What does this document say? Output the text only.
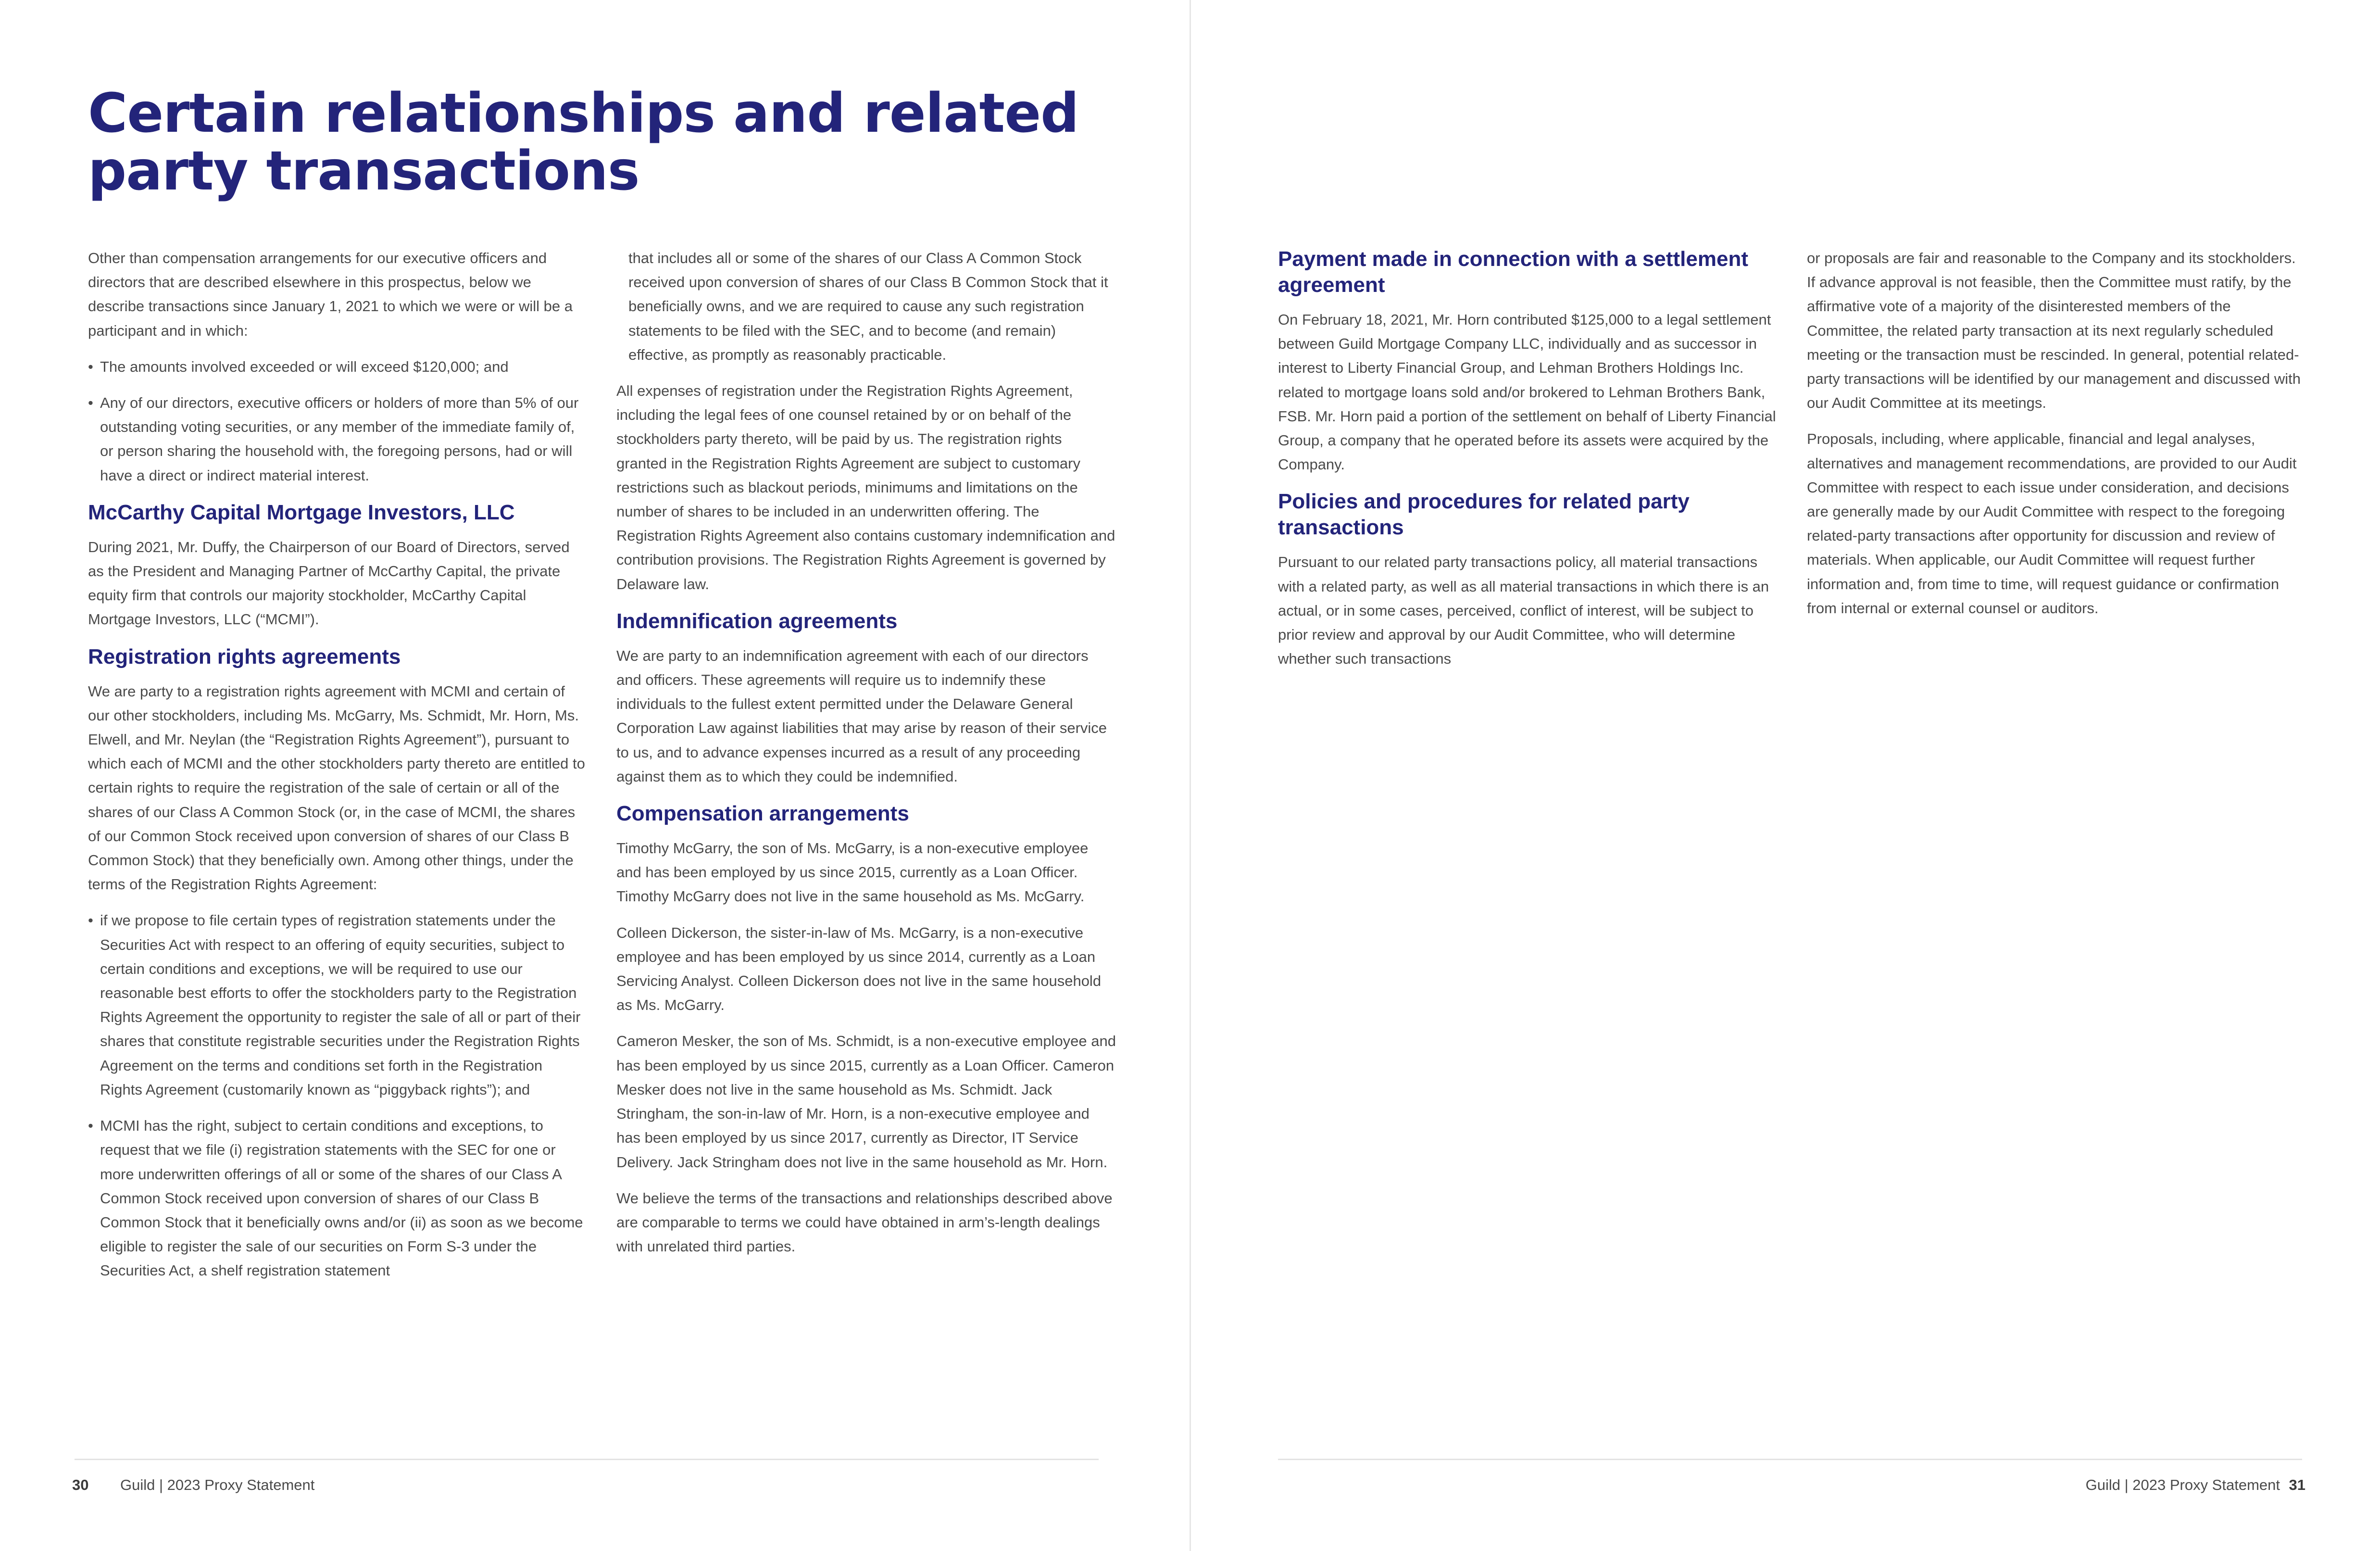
Certain relationships and related
party transactions

Other than compensation arrangements for our executive officers and directors that are described elsewhere in this prospectus, below we describe transactions since January 1, 2021 to which we were or will be a participant and in which:

• The amounts involved exceeded or will exceed $120,000; and
• Any of our directors, executive officers or holders of more than 5% of our outstanding voting securities, or any member of the immediate family of, or person sharing the household with, the foregoing persons, had or will have a direct or indirect material interest.
McCarthy Capital Mortgage Investors, LLC

During 2021, Mr. Duffy, the Chairperson of our Board of Directors, served as the President and Managing Partner of McCarthy Capital, the private equity firm that controls our majority stockholder, McCarthy Capital Mortgage Investors, LLC (“MCMI”).

Registration rights agreements

We are party to a registration rights agreement with MCMI and certain of our other stockholders, including Ms. McGarry, Ms. Schmidt, Mr. Horn, Ms. Elwell, and Mr. Neylan (the “Registration Rights Agreement”), pursuant to which each of MCMI and the other stockholders party thereto are entitled to certain rights to require the registration of the sale of certain or all of the shares of our Class A Common Stock (or, in the case of MCMI, the shares of our Common Stock received upon conversion of shares of our Class B Common Stock) that they beneficially own. Among other things, under the terms of the Registration Rights Agreement:

• if we propose to file certain types of registration statements under the Securities Act with respect to an offering of equity securities, subject to certain conditions and exceptions, we will be required to use our reasonable best efforts to offer the stockholders party to the Registration Rights Agreement the opportunity to register the sale of all or part of their shares that constitute registrable securities under the Registration Rights Agreement on the terms and conditions set forth in the Registration Rights Agreement (customarily known as “piggyback rights”); and
• MCMI has the right, subject to certain conditions and exceptions, to request that we file (i) registration statements with the SEC for one or more underwritten offerings of all or some of the shares of our Class A Common Stock received upon conversion of shares of our Class B Common Stock that it beneficially owns and/or (ii) as soon as we become eligible to register the sale of our securities on Form S-3 under the Securities Act, a shelf registration statement

that includes all or some of the shares of our Class A Common Stock received upon conversion of shares of our Class B Common Stock that it beneficially owns, and we are required to cause any such registration statements to be filed with the SEC, and to become (and remain) effective, as promptly as reasonably practicable.

All expenses of registration under the Registration Rights Agreement, including the legal fees of one counsel retained by or on behalf of the stockholders party thereto, will be paid by us. The registration rights granted in the Registration Rights Agreement are subject to customary restrictions such as blackout periods, minimums and limitations on the number of shares to be included in an underwritten offering. The Registration Rights Agreement also contains customary indemnification and contribution provisions. The Registration Rights Agreement is governed by Delaware law.

Indemnification agreements

We are party to an indemnification agreement with each of our directors and officers. These agreements will require us to indemnify these individuals to the fullest extent permitted under the Delaware General Corporation Law against liabilities that may arise by reason of their service to us, and to advance expenses incurred as a result of any proceeding against them as to which they could be indemnified.

Compensation arrangements

Timothy McGarry, the son of Ms. McGarry, is a non-executive employee and has been employed by us since 2015, currently as a Loan Officer. Timothy McGarry does not live in the same household as Ms. McGarry.

Colleen Dickerson, the sister-in-law of Ms. McGarry, is a non-executive employee and has been employed by us since 2014, currently as a Loan Servicing Analyst. Colleen Dickerson does not live in the same household as Ms. McGarry.

Cameron Mesker, the son of Ms. Schmidt, is a non-executive employee and has been employed by us since 2015, currently as a Loan Officer. Cameron Mesker does not live in the same household as Ms. Schmidt. Jack Stringham, the son-in-law of Mr. Horn, is a non-executive employee and has been employed by us since 2017, currently as Director, IT Service Delivery. Jack Stringham does not live in the same household as Mr. Horn.

We believe the terms of the transactions and relationships described above are comparable to terms we could have obtained in arm’s-length dealings with unrelated third parties.

Payment made in connection with a settlement agreement

On February 18, 2021, Mr. Horn contributed $125,000 to a legal settlement between Guild Mortgage Company LLC, individually and as successor in interest to Liberty Financial Group, and Lehman Brothers Holdings Inc. related to mortgage loans sold and/or brokered to Lehman Brothers Bank, FSB. Mr. Horn paid a portion of the settlement on behalf of Liberty Financial Group, a company that he operated before its assets were acquired by the Company.

Policies and procedures for related party transactions

Pursuant to our related party transactions policy, all material transactions with a related party, as well as all material transactions in which there is an actual, or in some cases, perceived, conflict of interest, will be subject to prior review and approval by our Audit Committee, who will determine whether such transactions

or proposals are fair and reasonable to the Company and its stockholders. If advance approval is not feasible, then the Committee must ratify, by the affirmative vote of a majority of the disinterested members of the Committee, the related party transaction at its next regularly scheduled meeting or the transaction must be rescinded. In general, potential related-party transactions will be identified by our management and discussed with our Audit Committee at its meetings.

Proposals, including, where applicable, financial and legal analyses, alternatives and management recommendations, are provided to our Audit Committee with respect to each issue under consideration, and decisions are generally made by our Audit Committee with respect to the foregoing related-party transactions after opportunity for discussion and review of materials. When applicable, our Audit Committee will request further information and, from time to time, will request guidance or confirmation from internal or external counsel or auditors.

30 Guild | 2023 Proxy Statement	Guild | 2023 Proxy Statement 31
